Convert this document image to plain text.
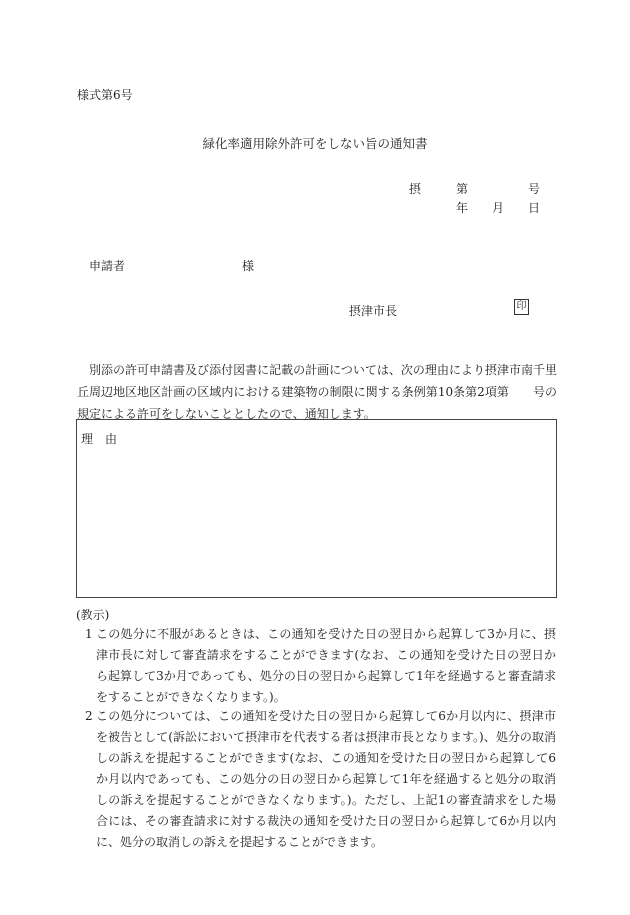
様式第6号
緑化率適用除外許可をしない旨の通知書
摂	第	号
年 月 日
申請者	様
摂津市長	印
別添の許可申請書及び添付図書に記載の計画については、次の理由により摂津市南千里丘周辺地区地区計画の区域内における建築物の制限に関する条例第10条第2項第　　号の規定による許可をしないこととしたので、通知します。
理由
(教示)
1 この処分に不服があるときは、この通知を受けた日の翌日から起算して3か月に、摂津市長に対して審査請求をすることができます(なお、この通知を受けた日の翌日から起算して3か月であっても、処分の日の翌日から起算して1年を経過すると審査請求をすることができなくなります。)。
2 この処分については、この通知を受けた日の翌日から起算して6か月以内に、摂津市を被告として(訴訟において摂津市を代表する者は摂津市長となります。)、処分の取消しの訴えを提起することができます(なお、この通知を受けた日の翌日から起算して6か月以内であっても、この処分の日の翌日から起算して1年を経過すると処分の取消しの訴えを提起することができなくなります。)。ただし、上記1の審査請求をした場合には、その審査請求に対する裁決の通知を受けた日の翌日から起算して6か月以内に、処分の取消しの訴えを提起することができます。
